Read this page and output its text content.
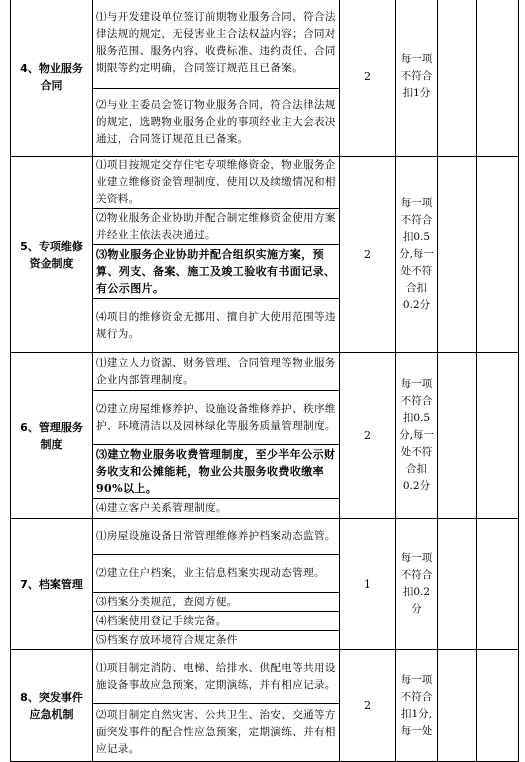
4、物业服务合同	⑴与开发建设单位签订前期物业服务合同，符合法律法规的规定，无侵害业主合法权益内容；合同对服务范围、服务内容、收费标准、违约责任、合同期限等约定明确，合同签订规范且已备案。	2	每一项不符合扣1分		
	⑵与业主委员会签订物业服务合同，符合法律法规的规定，选聘物业服务企业的事项经业主大会表决通过，合同签订规范且已备案。				
5、专项维修资金制度	⑴项目按规定交存住宅专项维修资金，物业服务企业建立维修资金管理制度、使用以及续缴情况和相关资料。	2	每一项不符合扣0.5分,每一处不符合扣0.2分		
	⑵物业服务企业协助并配合制定维修资金使用方案并经业主依法表决通过。				
	⑶物业服务企业协助并配合组织实施方案，预算、列支、备案、施工及竣工验收有书面记录、有公示图片。				
	⑷项目的维修资金无挪用、擅自扩大使用范围等违规行为。				
6、管理服务制度	⑴建立人力资源、财务管理、合同管理等物业服务企业内部管理制度。	2	每一项不符合扣0.5分,每一处不符合扣0.2分		
	⑵建立房屋维修养护、设施设备维修养护、秩序维护、环境清洁以及园林绿化等服务质量管理制度。				
	⑶建立物业服务收费管理制度，至少半年公示财务收支和公摊能耗，物业公共服务收费收缴率90%以上。				
	⑷建立客户关系管理制度。				
7、档案管理	⑴房屋设施设备日常管理维修养护档案动态监管。	1	每一项不符合扣0.2分		
	⑵建立住户档案，业主信息档案实现动态管理。				
	⑶档案分类规范，查阅方便。				
	⑷档案使用登记手续完备。				
	⑸档案存放环境符合规定条件				
8、突发事件应急机制	⑴项目制定消防、电梯、给排水、供配电等共用设施设备事故应急预案，定期演练，并有相应记录。	2	每一项不符合扣1分,每一处		
	⑵项目制定自然灾害、公共卫生、治安、交通等方面突发事件的配合性应急预案，定期演练、并有相应记录。				
